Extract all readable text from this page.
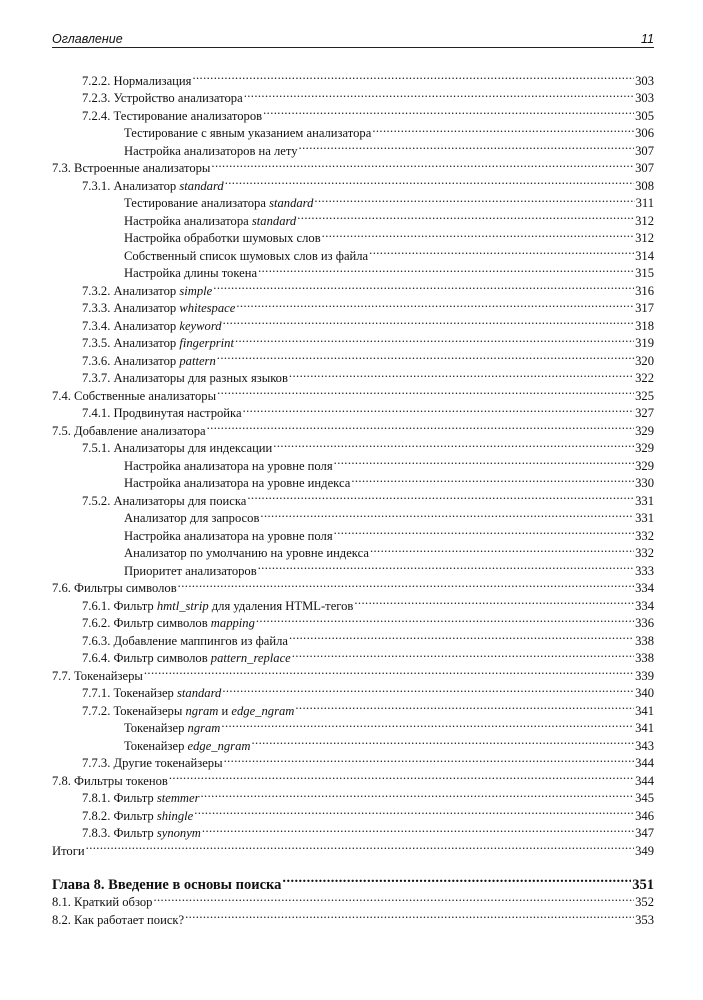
Оглавление	11
7.2.2. Нормализация .....	303
7.2.3. Устройство анализатора .....	303
7.2.4. Тестирование анализаторов .....	305
Тестирование с явным указанием анализатора .....	306
Настройка анализаторов на лету .....	307
7.3. Встроенные анализаторы .....	307
7.3.1. Анализатор standard .....	308
Тестирование анализатора standard .....	311
Настройка анализатора standard .....	312
Настройка обработки шумовых слов .....	312
Собственный список шумовых слов из файла .....	314
Настройка длины токена .....	315
7.3.2. Анализатор simple .....	316
7.3.3. Анализатор whitespace .....	317
7.3.4. Анализатор keyword .....	318
7.3.5. Анализатор fingerprint .....	319
7.3.6. Анализатор pattern .....	320
7.3.7. Анализаторы для разных языков .....	322
7.4. Собственные анализаторы .....	325
7.4.1. Продвинутая настройка .....	327
7.5. Добавление анализатора .....	329
7.5.1. Анализаторы для индексации .....	329
Настройка анализатора на уровне поля .....	329
Настройка анализатора на уровне индекса .....	330
7.5.2. Анализаторы для поиска .....	331
Анализатор для запросов .....	331
Настройка анализатора на уровне поля .....	332
Анализатор по умолчанию на уровне индекса .....	332
Приоритет анализаторов .....	333
7.6. Фильтры символов .....	334
7.6.1. Фильтр hmtl_strip для удаления HTML-тегов .....	334
7.6.2. Фильтр символов mapping .....	336
7.6.3. Добавление маппингов из файла .....	338
7.6.4. Фильтр символов pattern_replace .....	338
7.7. Токенайзеры .....	339
7.7.1. Токенайзер standard .....	340
7.7.2. Токенайзеры ngram и edge_ngram .....	341
Токенайзер ngram .....	341
Токенайзер edge_ngram .....	343
7.7.3. Другие токенайзеры .....	344
7.8. Фильтры токенов .....	344
7.8.1. Фильтр stemmer .....	345
7.8.2. Фильтр shingle .....	346
7.8.3. Фильтр synonym .....	347
Итоги .....	349
Глава 8. Введение в основы поиска .....	351
8.1. Краткий обзор .....	352
8.2. Как работает поиск? .....	353
